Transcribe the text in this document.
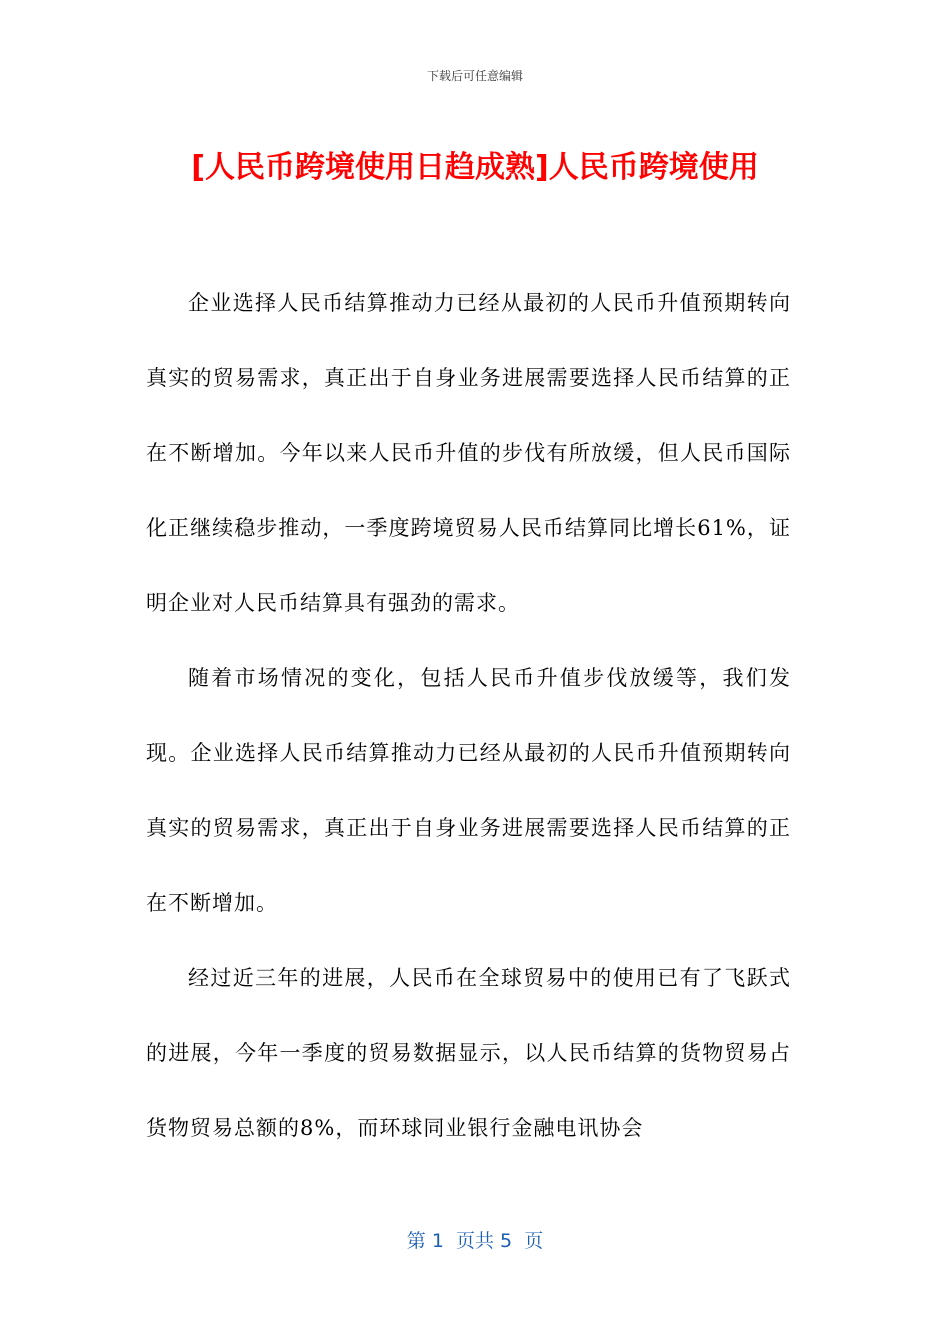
下载后可任意编辑
[人民币跨境使用日趋成熟]人民币跨境使用

企业选择人民币结算推动力已经从最初的人民币升值预期转向真实的贸易需求，真正出于自身业务进展需要选择人民币结算的正在不断增加。今年以来人民币升值的步伐有所放缓，但人民币国际化正继续稳步推动，一季度跨境贸易人民币结算同比增长61%，证明企业对人民币结算具有强劲的需求。

随着市场情况的变化，包括人民币升值步伐放缓等，我们发现。企业选择人民币结算推动力已经从最初的人民币升值预期转向真实的贸易需求，真正出于自身业务进展需要选择人民币结算的正在不断增加。

经过近三年的进展，人民币在全球贸易中的使用已有了飞跃式的进展，今年一季度的贸易数据显示，以人民币结算的货物贸易占货物贸易总额的8%，而环球同业银行金融电讯协会

第 1  页共 5  页
